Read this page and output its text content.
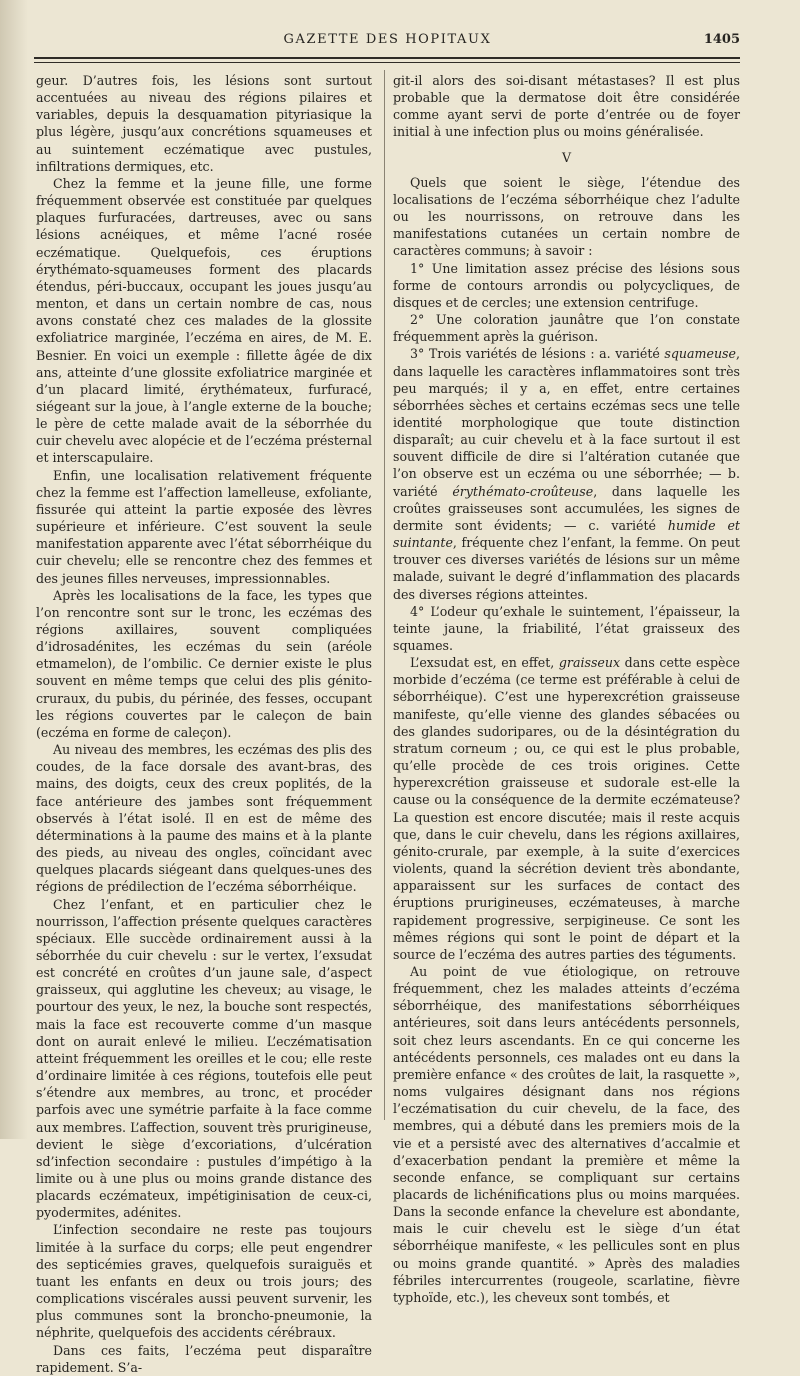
GAZETTE DES HOPITAUX	1405

geur. D’autres fois, les lésions sont surtout accentuées au niveau des régions pilaires et variables, depuis la desquamation pityriasique la plus légère, jusqu’aux concrétions squameuses et au suintement eczématique avec pustules, infiltrations dermiques, etc.

Chez la femme et la jeune fille, une forme fréquemment observée est constituée par quelques plaques furfuracées, dartreuses, avec ou sans lésions acnéiques, et même l’acné rosée eczématique. Quelquefois, ces éruptions érythémato-squameuses forment des placards étendus, péri-buccaux, occupant les joues jusqu’au menton, et dans un certain nombre de cas, nous avons constaté chez ces malades de la glossite exfoliatrice marginée, l’eczéma en aires, de M. E. Besnier. En voici un exemple : fillette âgée de dix ans, atteinte d’une glossite exfoliatrice marginée et d’un placard limité, érythémateux, furfuracé, siégeant sur la joue, à l’angle externe de la bouche; le père de cette malade avait de la séborrhée du cuir chevelu avec alopécie et de l’eczéma présternal et interscapulaire.

Enfin, une localisation relativement fréquente chez la femme est l’affection lamelleuse, exfoliante, fissurée qui atteint la partie exposée des lèvres supérieure et inférieure. C’est souvent la seule manifestation apparente avec l’état séborrhéique du cuir chevelu; elle se rencontre chez des femmes et des jeunes filles nerveuses, impressionnables.

Après les localisations de la face, les types que l’on rencontre sont sur le tronc, les eczémas des régions axillaires, souvent compliquées d’idrosadénites, les eczémas du sein (aréole etmamelon), de l’ombilic. Ce dernier existe le plus souvent en même temps que celui des plis génito-cruraux, du pubis, du périnée, des fesses, occupant les régions couvertes par le caleçon de bain (eczéma en forme de caleçon).

Au niveau des membres, les eczémas des plis des coudes, de la face dorsale des avant-bras, des mains, des doigts, ceux des creux poplités, de la face antérieure des jambes sont fréquemment observés à l’état isolé. Il en est de même des déterminations à la paume des mains et à la plante des pieds, au niveau des ongles, coïncidant avec quelques placards siégeant dans quelques-unes des régions de prédilection de l’eczéma séborrhéique.

Chez l’enfant, et en particulier chez le nourrisson, l’affection présente quelques caractères spéciaux. Elle succède ordinairement aussi à la séborrhée du cuir chevelu : sur le vertex, l’exsudat est concrété en croûtes d’un jaune sale, d’aspect graisseux, qui agglutine les cheveux; au visage, le pourtour des yeux, le nez, la bouche sont respectés, mais la face est recouverte comme d’un masque dont on aurait enlevé le milieu. L’eczématisation atteint fréquemment les oreilles et le cou; elle reste d’ordinaire limitée à ces régions, toutefois elle peut s’étendre aux membres, au tronc, et procéder parfois avec une symétrie parfaite à la face comme aux membres. L’affection, souvent très prurigineuse, devient le siège d’excoriations, d’ulcération sd’infection secondaire : pustules d’impétigo à la limite ou à une plus ou moins grande distance des placards eczémateux, impétiginisation de ceux-ci, pyodermites, adénites.

L’infection secondaire ne reste pas toujours limitée à la surface du corps; elle peut engendrer des septicémies graves, quelquefois suraiguës et tuant les enfants en deux ou trois jours; des complications viscérales aussi peuvent survenir, les plus communes sont la broncho-pneumonie, la néphrite, quelquefois des accidents cérébraux.

Dans ces faits, l’eczéma peut disparaître rapidement. S’a-

git-il alors des soi-disant métastases? Il est plus probable que la dermatose doit être considérée comme ayant servi de porte d’entrée ou de foyer initial à une infection plus ou moins généralisée.

V

Quels que soient le siège, l’étendue des localisations de l’eczéma séborrhéique chez l’adulte ou les nourrissons, on retrouve dans les manifestations cutanées un certain nombre de caractères communs; à savoir :

1° Une limitation assez précise des lésions sous forme de contours arrondis ou polycycliques, de disques et de cercles; une extension centrifuge.

2° Une coloration jaunâtre que l’on constate fréquemment après la guérison.

3° Trois variétés de lésions : a. variété squameuse, dans laquelle les caractères inflammatoires sont très peu marqués; il y a, en effet, entre certaines séborrhées sèches et certains eczémas secs une telle identité morphologique que toute distinction disparaît; au cuir chevelu et à la face surtout il est souvent difficile de dire si l’altération cutanée que l’on observe est un eczéma ou une séborrhée; — b. variété érythémato-croûteuse, dans laquelle les croûtes graisseuses sont accumulées, les signes de dermite sont évidents; — c. variété humide et suintante, fréquente chez l’enfant, la femme. On peut trouver ces diverses variétés de lésions sur un même malade, suivant le degré d’inflammation des placards des diverses régions atteintes.

4° L’odeur qu’exhale le suintement, l’épaisseur, la teinte jaune, la friabilité, l’état graisseux des squames.

L’exsudat est, en effet, graisseux dans cette espèce morbide d’eczéma (ce terme est préférable à celui de séborrhéique). C’est une hyperexcrétion graisseuse manifeste, qu’elle vienne des glandes sébacées ou des glandes sudoripares, ou de la désintégration du stratum corneum ; ou, ce qui est le plus probable, qu’elle procède de ces trois origines. Cette hyperexcrétion graisseuse et sudorale est-elle la cause ou la conséquence de la dermite eczémateuse? La question est encore discutée; mais il reste acquis que, dans le cuir chevelu, dans les régions axillaires, génito-crurale, par exemple, à la suite d’exercices violents, quand la sécrétion devient très abondante, apparaissent sur les surfaces de contact des éruptions prurigineuses, eczémateuses, à marche rapidement progressive, serpigineuse. Ce sont les mêmes régions qui sont le point de départ et la source de l’eczéma des autres parties des téguments.

Au point de vue étiologique, on retrouve fréquemment, chez les malades atteints d’eczéma séborrhéique, des manifestations séborrhéiques antérieures, soit dans leurs antécédents personnels, soit chez leurs ascendants. En ce qui concerne les antécédents personnels, ces malades ont eu dans la première enfance « des croûtes de lait, la rasquette », noms vulgaires désignant dans nos régions l’eczématisation du cuir chevelu, de la face, des membres, qui a débuté dans les premiers mois de la vie et a persisté avec des alternatives d’accalmie et d’exacerbation pendant la première et même la seconde enfance, se compliquant sur certains placards de lichénifications plus ou moins marquées. Dans la seconde enfance la chevelure est abondante, mais le cuir chevelu est le siège d’un état séborrhéique manifeste, « les pellicules sont en plus ou moins grande quantité. » Après des maladies fébriles intercurrentes (rougeole, scarlatine, fièvre typhoïde, etc.), les cheveux sont tombés, et
